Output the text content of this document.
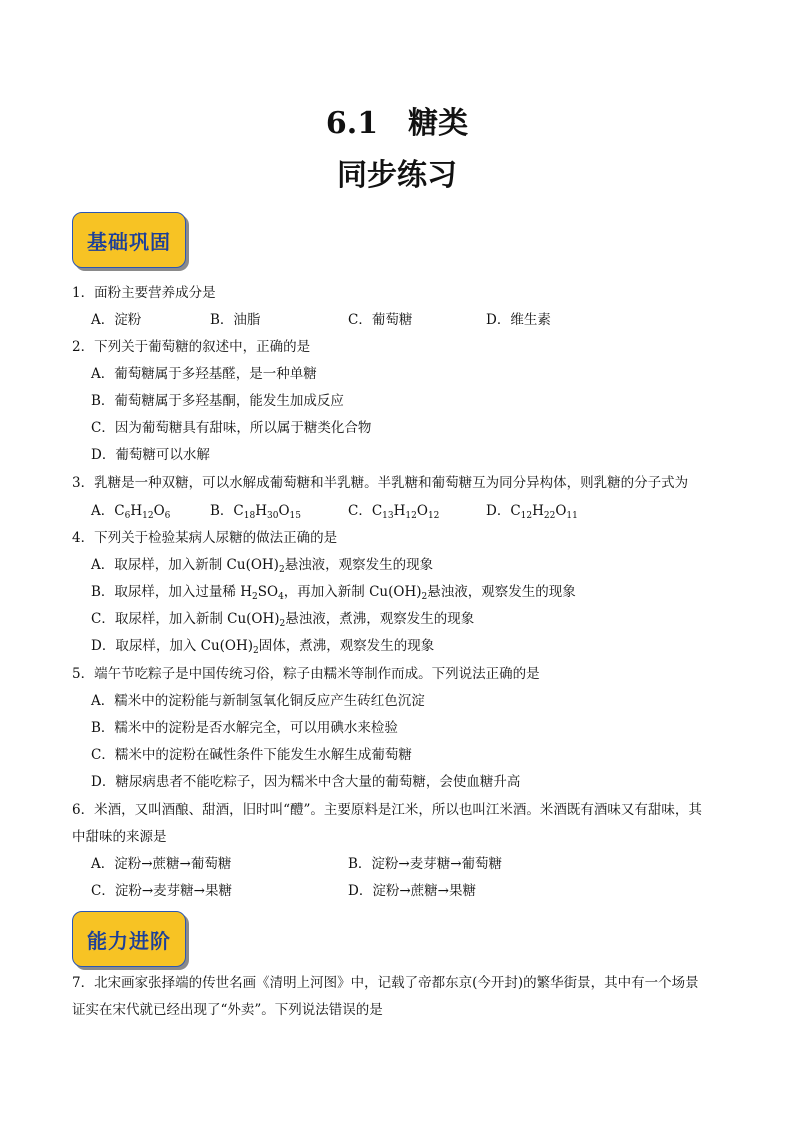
6.1　糖类
同步练习
基础巩固
1．面粉主要营养成分是
A．淀粉	B．油脂	C．葡萄糖	D．维生素
2．下列关于葡萄糖的叙述中，正确的是
A．葡萄糖属于多羟基醛，是一种单糖
B．葡萄糖属于多羟基酮，能发生加成反应
C．因为葡萄糖具有甜味，所以属于糖类化合物
D．葡萄糖可以水解
3．乳糖是一种双糖，可以水解成葡萄糖和半乳糖。半乳糖和葡萄糖互为同分异构体，则乳糖的分子式为
A．$C_6H_{12}O_6$	B．$C_{18}H_{30}O_{15}$	C．$C_{13}H_{12}O_{12}$	D．$C_{12}H_{22}O_{11}$
4．下列关于检验某病人尿糖的做法正确的是
A．取尿样，加入新制 $Cu(OH)_2$悬浊液，观察发生的现象
B．取尿样，加入过量稀 $H_2SO_4$，再加入新制 $Cu(OH)_2$悬浊液，观察发生的现象
C．取尿样，加入新制 $Cu(OH)_2$悬浊液，煮沸，观察发生的现象
D．取尿样，加入 $Cu(OH)_2$固体，煮沸，观察发生的现象
5．端午节吃粽子是中国传统习俗，粽子由糯米等制作而成。下列说法正确的是
A．糯米中的淀粉能与新制氢氧化铜反应产生砖红色沉淀
B．糯米中的淀粉是否水解完全，可以用碘水来检验
C．糯米中的淀粉在碱性条件下能发生水解生成葡萄糖
D．糖尿病患者不能吃粽子，因为糯米中含大量的葡萄糖，会使血糖升高
6．米酒，又叫酒酿、甜酒，旧时叫“醴”。主要原料是江米，所以也叫江米酒。米酒既有酒味又有甜味，其
中甜味的来源是
A．淀粉→蔗糖→葡萄糖	B．淀粉→麦芽糖→葡萄糖
C．淀粉→麦芽糖→果糖	D．淀粉→蔗糖→果糖
能力进阶
7．北宋画家张择端的传世名画《清明上河图》中，记载了帝都东京(今开封)的繁华街景，其中有一个场景
证实在宋代就已经出现了“外卖”。下列说法错误的是
